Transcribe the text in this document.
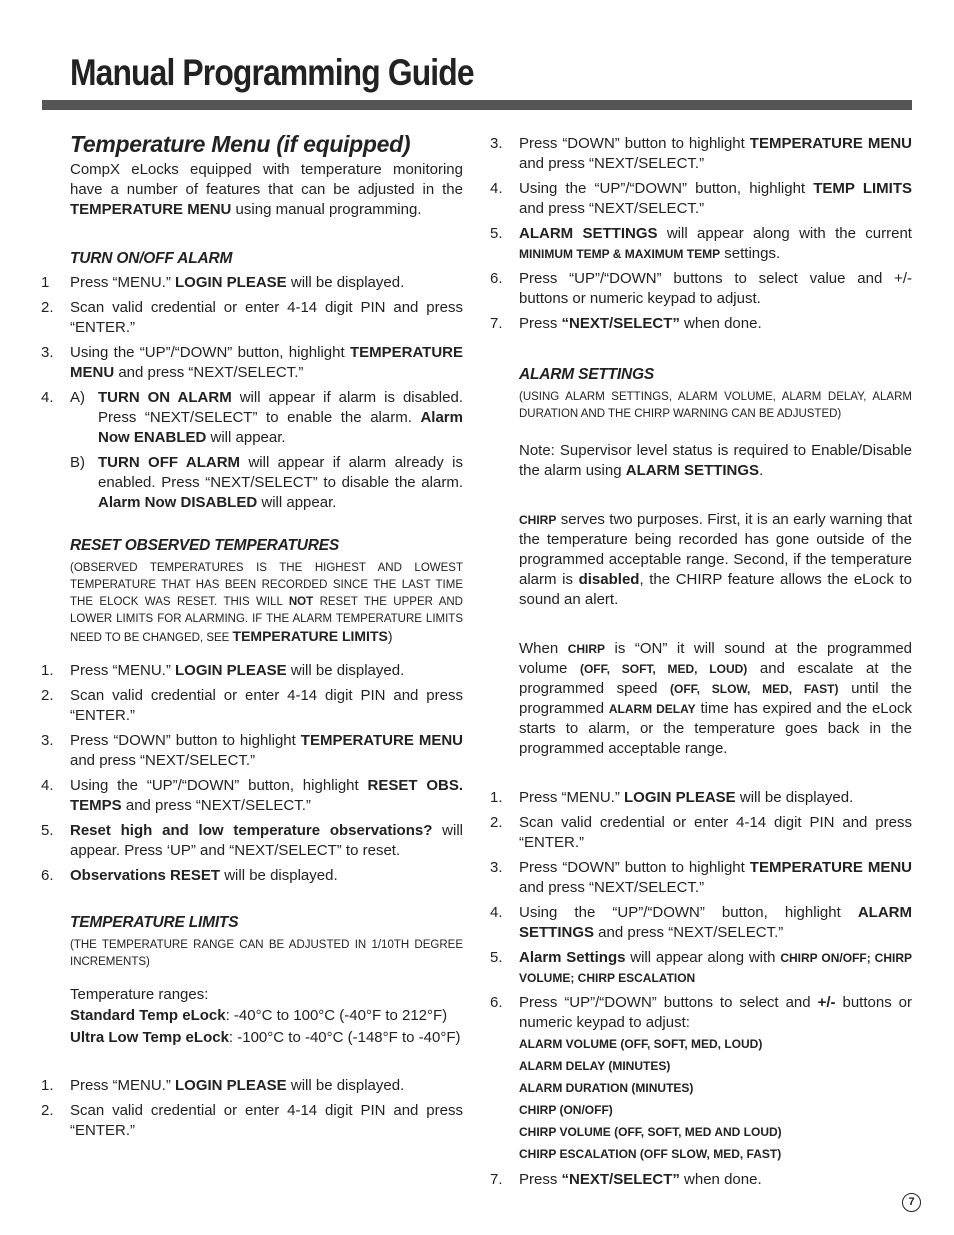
Manual Programming Guide
Temperature Menu (if equipped)

CompX eLocks equipped with temperature monitoring have a number of features that can be adjusted in the TEMPERATURE MENU using manual programming.

TURN ON/OFF ALARM
1 Press “MENU.” LOGIN PLEASE will be displayed.
2. Scan valid credential or enter 4-14 digit PIN and press “ENTER.”
3. Using the “UP”/“DOWN” button, highlight TEMPERATURE MENU and press “NEXT/SELECT.”
4. A) TURN ON ALARM will appear if alarm is disabled. Press “NEXT/SELECT” to enable the alarm. Alarm Now ENABLED will appear.
B) TURN OFF ALARM will appear if alarm already is enabled. Press “NEXT/SELECT” to disable the alarm. Alarm Now DISABLED will appear.
RESET OBSERVED TEMPERATURES

(OBSERVED TEMPERATURES IS THE HIGHEST AND LOWEST TEMPERATURE THAT HAS BEEN RECORDED SINCE THE LAST TIME THE ELOCK WAS RESET. THIS WILL NOT RESET THE UPPER AND LOWER LIMITS FOR ALARMING. IF THE ALARM TEMPERATURE LIMITS NEED TO BE CHANGED, SEE TEMPERATURE LIMITS)

1. Press “MENU.” LOGIN PLEASE will be displayed.
2. Scan valid credential or enter 4-14 digit PIN and press “ENTER.”
3. Press “DOWN” button to highlight TEMPERATURE MENU and press “NEXT/SELECT.”
4. Using the “UP”/“DOWN” button, highlight RESET OBS. TEMPS and press “NEXT/SELECT.”
5. Reset high and low temperature observations? will appear. Press ‘UP” and “NEXT/SELECT” to reset.
6. Observations RESET will be displayed.
TEMPERATURE LIMITS

(THE TEMPERATURE RANGE CAN BE ADJUSTED IN 1/10TH DEGREE INCREMENTS)

Temperature ranges:

Standard Temp eLock: -40°C to 100°C (-40°F to 212°F)

Ultra Low Temp eLock: -100°C to -40°C (-148°F to -40°F)

1. Press “MENU.” LOGIN PLEASE will be displayed.
2. Scan valid credential or enter 4-14 digit PIN and press “ENTER.”
3. Press “DOWN” button to highlight TEMPERATURE MENU and press “NEXT/SELECT.”
4. Using the “UP”/“DOWN” button, highlight TEMP LIMITS and press “NEXT/SELECT.”
5. ALARM SETTINGS will appear along with the current MINIMUM TEMP & MAXIMUM TEMP settings.
6. Press “UP”/“DOWN” buttons to select value and +/- buttons or numeric keypad to adjust.
7. Press “NEXT/SELECT” when done.
ALARM SETTINGS

(USING ALARM SETTINGS, ALARM VOLUME, ALARM DELAY, ALARM DURATION AND THE CHIRP WARNING CAN BE ADJUSTED)

Note: Supervisor level status is required to Enable/Disable the alarm using ALARM SETTINGS.

CHIRP serves two purposes. First, it is an early warning that the temperature being recorded has gone outside of the programmed acceptable range. Second, if the temperature alarm is disabled, the CHIRP feature allows the eLock to sound an alert.

When CHIRP is “ON” it will sound at the programmed volume (OFF, SOFT, MED, LOUD) and escalate at the programmed speed (OFF, SLOW, MED, FAST) until the programmed ALARM DELAY time has expired and the eLock starts to alarm, or the temperature goes back in the programmed acceptable range.

1. Press “MENU.” LOGIN PLEASE will be displayed.
2. Scan valid credential or enter 4-14 digit PIN and press “ENTER.”
3. Press “DOWN” button to highlight TEMPERATURE MENU and press “NEXT/SELECT.”
4. Using the “UP”/“DOWN” button, highlight ALARM SETTINGS and press “NEXT/SELECT.”
5. Alarm Settings will appear along with CHIRP ON/OFF; CHIRP VOLUME; CHIRP ESCALATION
6. Press “UP”/“DOWN” buttons to select and +/- buttons or numeric keypad to adjust:
ALARM VOLUME (OFF, SOFT, MED, LOUD)
ALARM DELAY (MINUTES)
ALARM DURATION (MINUTES)
CHIRP (ON/OFF)
CHIRP VOLUME (OFF, SOFT, MED AND LOUD)
CHIRP ESCALATION (OFF SLOW, MED, FAST)
7. Press “NEXT/SELECT” when done.
7
